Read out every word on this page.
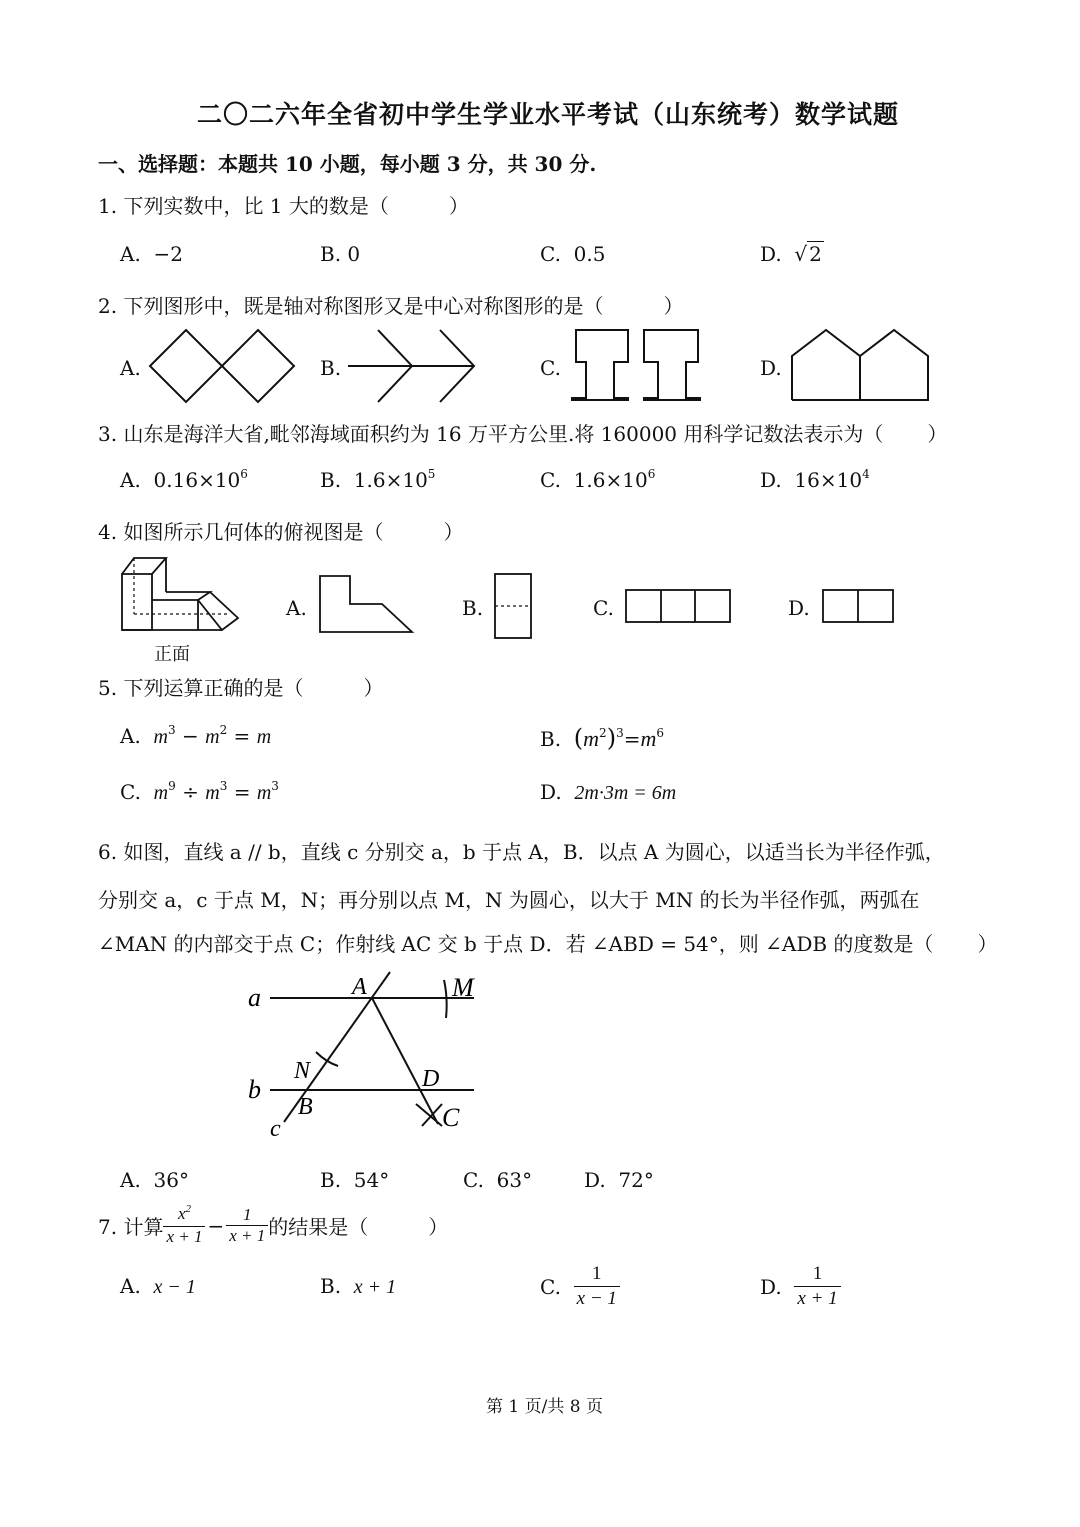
二〇二六年全省初中学生学业水平考试（山东统考）数学试题
一、选择题：本题共 10 小题，每小题 3 分，共 30 分.
1. 下列实数中，比 1 大的数是（	）
A. −2	B. 0	C. 0.5	D. √ 2
2. 下列图形中，既是轴对称图形又是中心对称图形的是（	）
A.	B.	C.	D.
3. 山东是海洋大省,毗邻海域面积约为 16 万平方公里.将 160000 用科学记数法表示为（ ）
A. $0.16\times 10^6$	B. $1.6\times 10^5$	C. $1.6\times 10^6$	D. $16\times 10^4$
4. 如图所示几何体的俯视图是（	）
正面
A.	B.	C.	D.
5. 下列运算正确的是（	）
A. $m^3 - m^2 = m$	B. $(m^2)^3=m^6$
C. $m^9 \div m^3 = m^3$	D. 2m·3m = 6m
6. 如图，直线 a // b，直线 c 分别交 a，b 于点 A，B．以点 A 为圆心，以适当长为半径作弧，
分别交 a，c 于点 M，N；再分别以点 M，N 为圆心，以大于 MN 的长为半径作弧，两弧在
∠MAN 的内部交于点 C；作射线 AC 交 b 于点 D．若 ∠ABD = 54°，则 ∠ADB 的度数是（ ）
a
b
c
A	M
N
B
D
C
A. 36°	B. 54°	C. 63°	D. 72°
7. 计算 $\frac{x^2}{x + 1} - \frac{1}{x + 1}$ 的结果是（	）
A. x − 1	B. x + 1	C.
$\frac{1}{x - 1}$	D.
$\frac{1}{x + 1}$
第 1 页/共 8 页
